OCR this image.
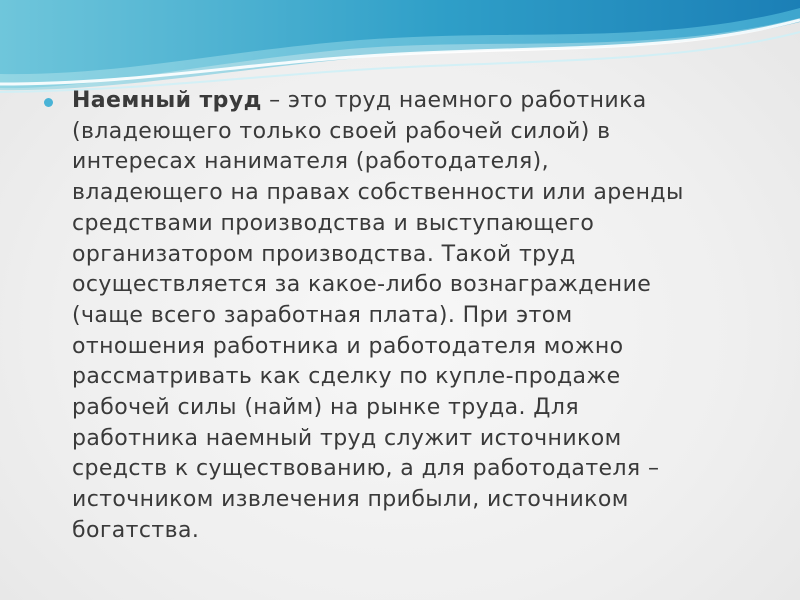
Наемный труд – это труд наемного работника
(владеющего только своей рабочей силой) в
интересах нанимателя (работодателя),
владеющего на правах собственности или аренды
средствами производства и выступающего
организатором производства. Такой труд
осуществляется за какое-либо вознаграждение
(чаще всего заработная плата). При этом
отношения работника и работодателя можно
рассматривать как сделку по купле-продаже
рабочей силы (найм) на рынке труда. Для
работника наемный труд служит источником
средств к существованию, а для работодателя –
источником извлечения прибыли, источником
богатства.
